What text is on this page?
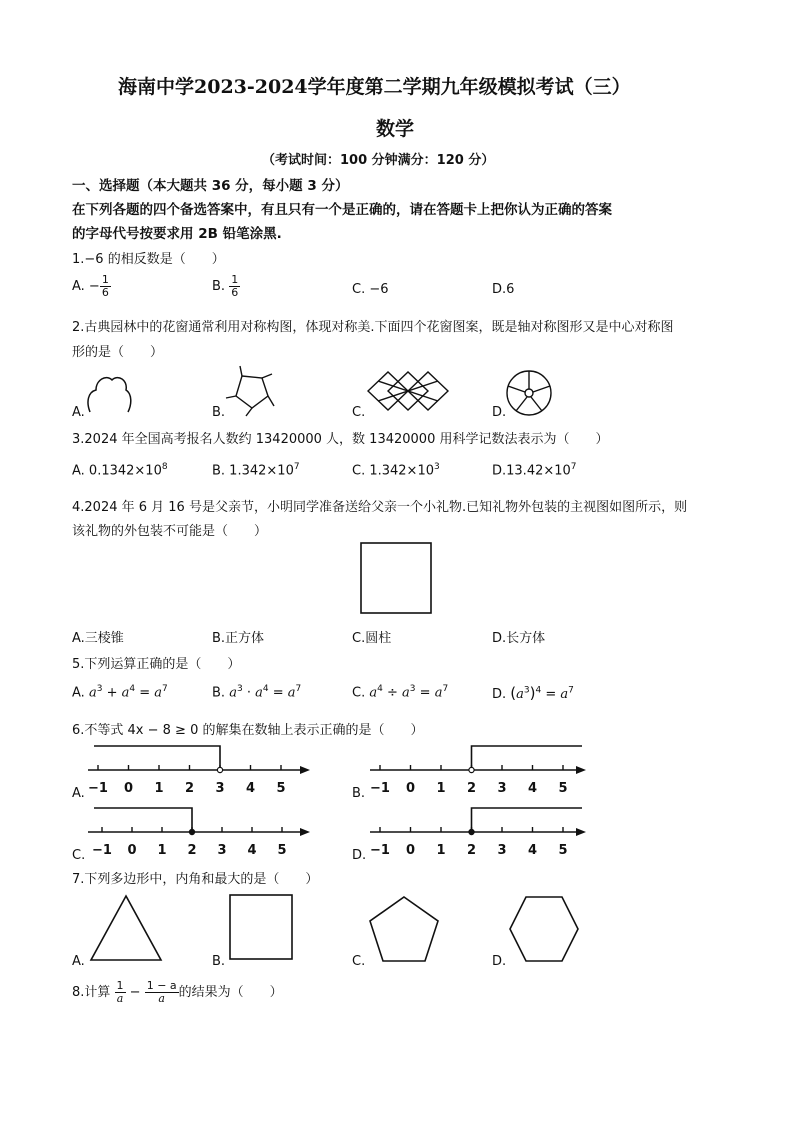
海南中学2023-2024学年度第二学期九年级模拟考试（三）
数学
（考试时间：100 分钟满分：120 分）
一、选择题（本大题共 36 分，每小题 3 分）
在下列各题的四个备选答案中，有且只有一个是正确的，请在答题卡上把你认为正确的答案
的字母代号按要求用 2B 铅笔涂黑.
1.−6 的相反数是（　　）
A. − $\frac{1}{6}$	B. $\frac{1}{6}$	C. −6	D.6
2.古典园林中的花窗通常利用对称构图，体现对称美.下面四个花窗图案，既是轴对称图形又是中心对称图
形的是（　　）
A.	B.	C.	D.
3.2024 年全国高考报名人数约 13420000 人，数 13420000 用科学记数法表示为（　　）
A. $0.1342\times 10^8$	B. $1.342\times 10^7$	C. $1.342\times 10^3$	$D.13.42\times 10^7$
4.2024 年 6 月 16 号是父亲节，小明同学准备送给父亲一个小礼物.已知礼物外包装的主视图如图所示，则
该礼物的外包装不可能是（　　）
A.三棱锥	B.正方体	C.圆柱	D.长方体
5.下列运算正确的是（　　）
A. $a^3 + a^4 = a^7$	B. $a^3 \cdot a^4 = a^7$	C. $a^4 \div a^3 = a^7$	D. $(a^3)^4 = a^7$
6.不等式 4x − 8 ≥ 0 的解集在数轴上表示正确的是（　　）
A.	B.
C.	D.
−1 0 1 2 3 4 5	−1 0 1 2 3 4 5
−1 0 1 2 3 4 5	−1 0 1 2 3 4 5
7.下列多边形中，内角和最大的是（　　）
A.	B.	C.	D.
8.计算 $\frac{1}{a} - \frac{1 - a}{a}$ 的结果为（　　）
